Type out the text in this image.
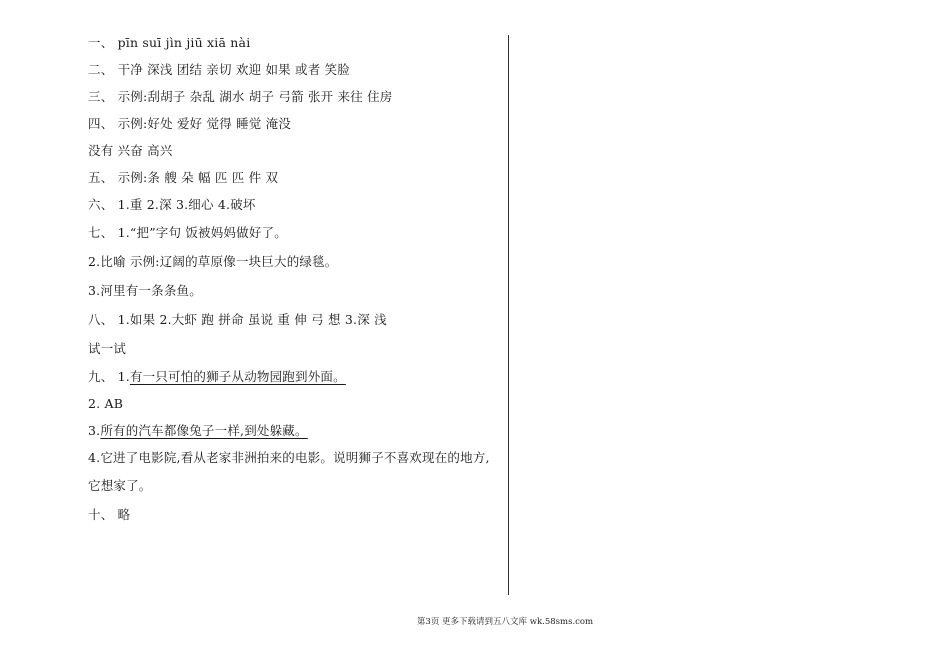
一、 pīn suī jìn jiū xiā nài
二、 干净 深浅 团结 亲切 欢迎 如果 或者 笑脸
三、 示例:刮胡子 杂乱 湖水 胡子 弓箭 张开 来往 住房
四、 示例:好处 爱好 觉得 睡觉 淹没
没有 兴奋 高兴
五、 示例:条 艘 朵 幅 匹 匹 件 双
六、 1.重 2.深 3.细心 4.破坏
七、 1.“把”字句 饭被妈妈做好了。
2.比喻 示例:辽阔的草原像一块巨大的绿毯。
3.河里有一条条鱼。
八、 1.如果 2.大虾 跑 拼命 虽说 重 伸 弓 想 3.深 浅
试一试
九、 1.有一只可怕的狮子从动物园跑到外面。
2. AB
3.所有的汽车都像兔子一样,到处躲藏。
4.它进了电影院,看从老家非洲拍来的电影。说明狮子不喜欢现在的地方,
它想家了。
十、 略
第3页 更多下载请到五八文库 wk.58sms.com
